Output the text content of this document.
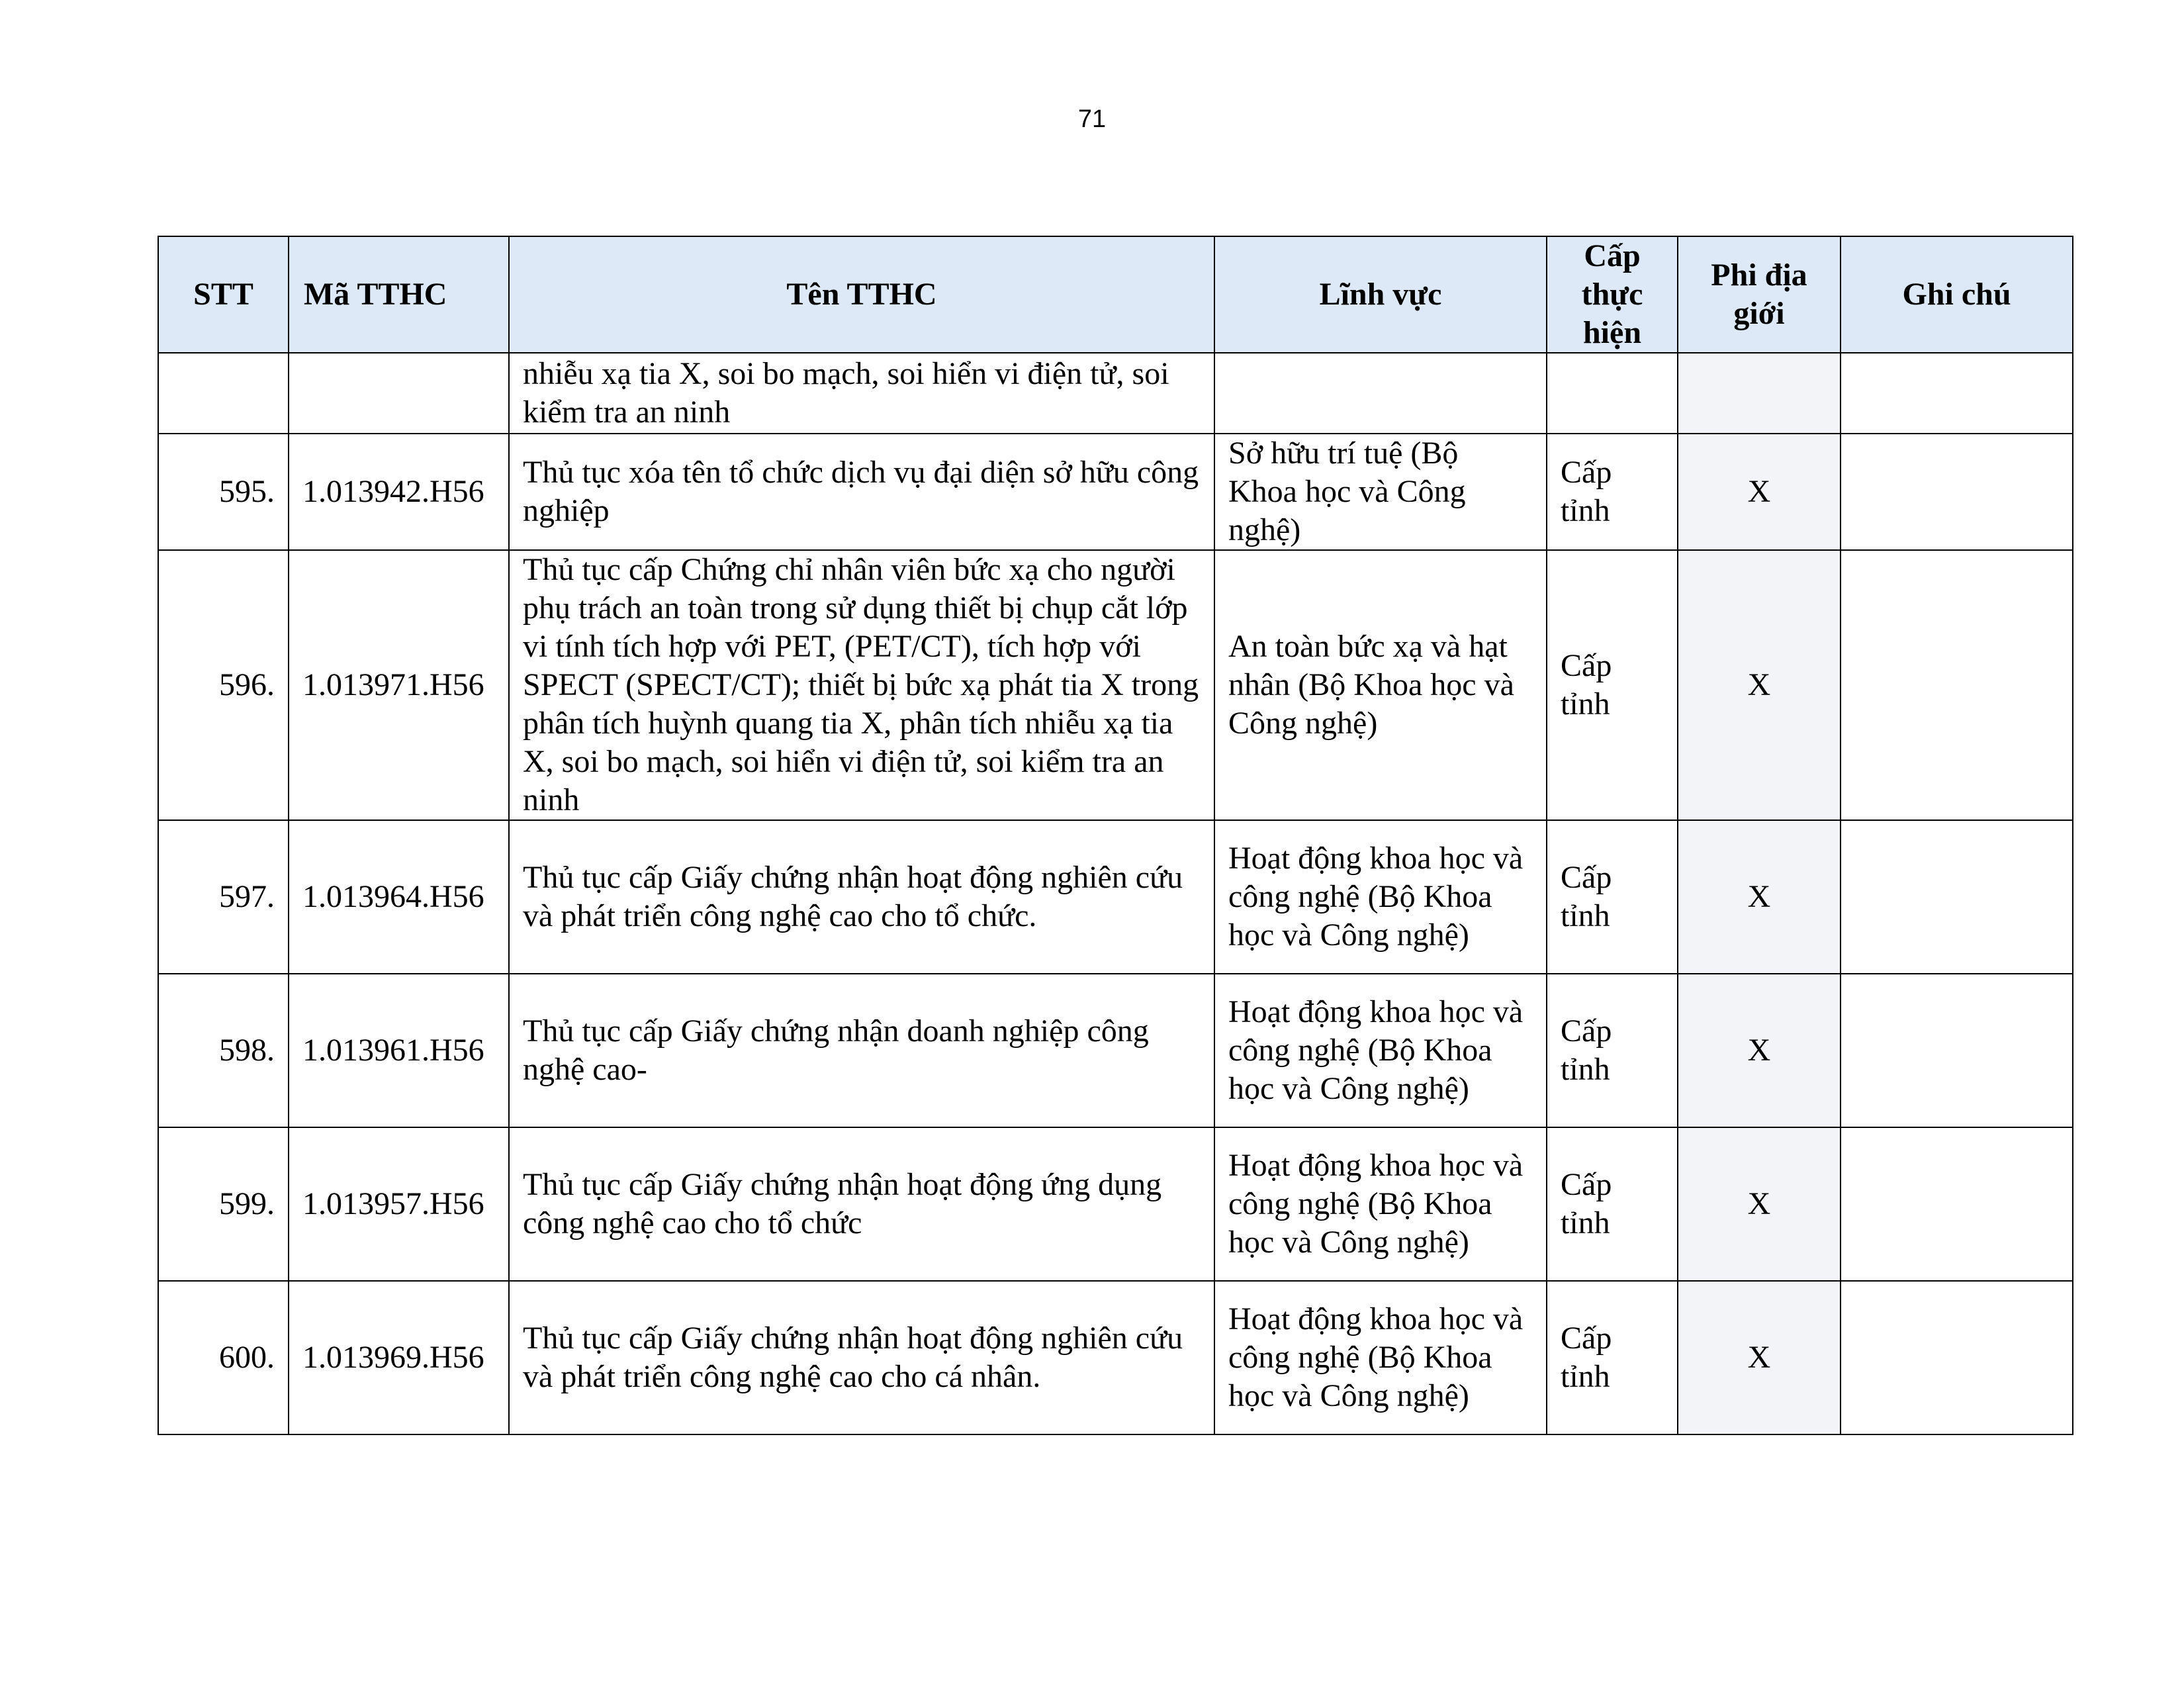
71
STT	Mã TTHC	Tên TTHC	Lĩnh vực	Cấp thực hiện	Phi địa giới	Ghi chú
		nhiễu xạ tia X, soi bo mạch, soi hiển vi điện tử, soi kiểm tra an ninh				
595.	1.013942.H56	Thủ tục xóa tên tổ chức dịch vụ đại diện sở hữu công nghiệp	Sở hữu trí tuệ (Bộ Khoa học và Công nghệ)	Cấp tỉnh	X	
596.	1.013971.H56	Thủ tục cấp Chứng chỉ nhân viên bức xạ cho người phụ trách an toàn trong sử dụng thiết bị chụp cắt lớp vi tính tích hợp với PET, (PET/CT), tích hợp với SPECT (SPECT/CT); thiết bị bức xạ phát tia X trong phân tích huỳnh quang tia X, phân tích nhiễu xạ tia X, soi bo mạch, soi hiển vi điện tử, soi kiểm tra an ninh	An toàn bức xạ và hạt nhân (Bộ Khoa học và Công nghệ)	Cấp tỉnh	X	
597.	1.013964.H56	Thủ tục cấp Giấy chứng nhận hoạt động nghiên cứu và phát triển công nghệ cao cho tổ chức.	Hoạt động khoa học và công nghệ (Bộ Khoa học và Công nghệ)	Cấp tỉnh	X	
598.	1.013961.H56	Thủ tục cấp Giấy chứng nhận doanh nghiệp công nghệ cao-	Hoạt động khoa học và công nghệ (Bộ Khoa học và Công nghệ)	Cấp tỉnh	X	
599.	1.013957.H56	Thủ tục cấp Giấy chứng nhận hoạt động ứng dụng công nghệ cao cho tổ chức	Hoạt động khoa học và công nghệ (Bộ Khoa học và Công nghệ)	Cấp tỉnh	X	
600.	1.013969.H56	Thủ tục cấp Giấy chứng nhận hoạt động nghiên cứu và phát triển công nghệ cao cho cá nhân.	Hoạt động khoa học và công nghệ (Bộ Khoa học và Công nghệ)	Cấp tỉnh	X	
